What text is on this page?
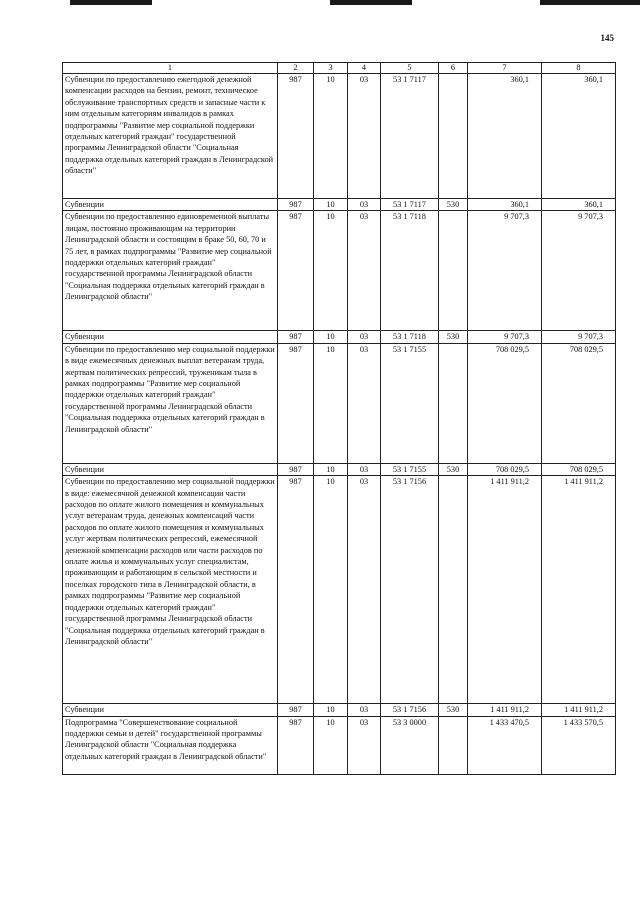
145
1	2	3	4	5	6	7	8
Субвенции по предоставлению ежегодной денежной компенсации расходов на бензин, ремонт, техническое обслуживание транспортных средств и запасные части к ним отдельным категориям инвалидов в рамках подпрограммы "Развитие мер социальной поддержки отдельных категорий граждан" государственной программы Ленинградской области "Социальная поддержка отдельных категорий граждан в Ленинградской области"	987	10	03	53 1 7117		360,1	360,1
Субвенции	987	10	03	53 1 7117	530	360,1	360,1
Субвенции по предоставлению единовременной выплаты лицам, постоянно проживающим на территории Ленинградской области и состоящим в браке 50, 60, 70 и 75 лет, в рамках подпрограммы "Развитие мер социальной поддержки отдельных категорий граждан" государственной программы Ленинградской области "Социальная поддержка отдельных категорий граждан в Ленинградской области"	987	10	03	53 1 7118		9 707,3	9 707,3
Субвенции	987	10	03	53 1 7118	530	9 707,3	9 707,3
Субвенции по предоставлению мер социальной поддержки в виде ежемесячных денежных выплат ветеранам труда, жертвам политических репрессий, труженикам тыла в рамках подпрограммы "Развитие мер социальной поддержки отдельных категорий граждан" государственной программы Ленинградской области "Социальная поддержка отдельных категорий граждан в Ленинградской области"	987	10	03	53 1 7155		708 029,5	708 029,5
Субвенции	987	10	03	53 1 7155	530	708 029,5	708 029,5
Субвенции по предоставлению мер социальной поддержки в виде: ежемесячной денежной компенсации части расходов по оплате жилого помещения и коммунальных услуг ветеранам труда, денежных компенсаций части расходов по оплате жилого помещения и коммунальных услуг жертвам политических репрессий, ежемесячной денежной компенсации расходов или части расходов по оплате жилья и коммунальных услуг специалистам, проживающим и работающим в сельской местности и поселках городского типа в Ленинградской области, в рамках подпрограммы "Развитие мер социальной поддержки отдельных категорий граждан" государственной программы Ленинградской области "Социальная поддержка отдельных категорий граждан в Ленинградской области"	987	10	03	53 1 7156		1 411 911,2	1 411 911,2
Субвенции	987	10	03	53 1 7156	530	1 411 911,2	1 411 911,2
Подпрограмма "Совершенствование социальной поддержки семьи и детей" государственной программы Ленинградской области "Социальная поддержка отдельных категорий граждан в Ленинградской области"	987	10	03	53 3 0000		1 433 470,5	1 433 570,5
